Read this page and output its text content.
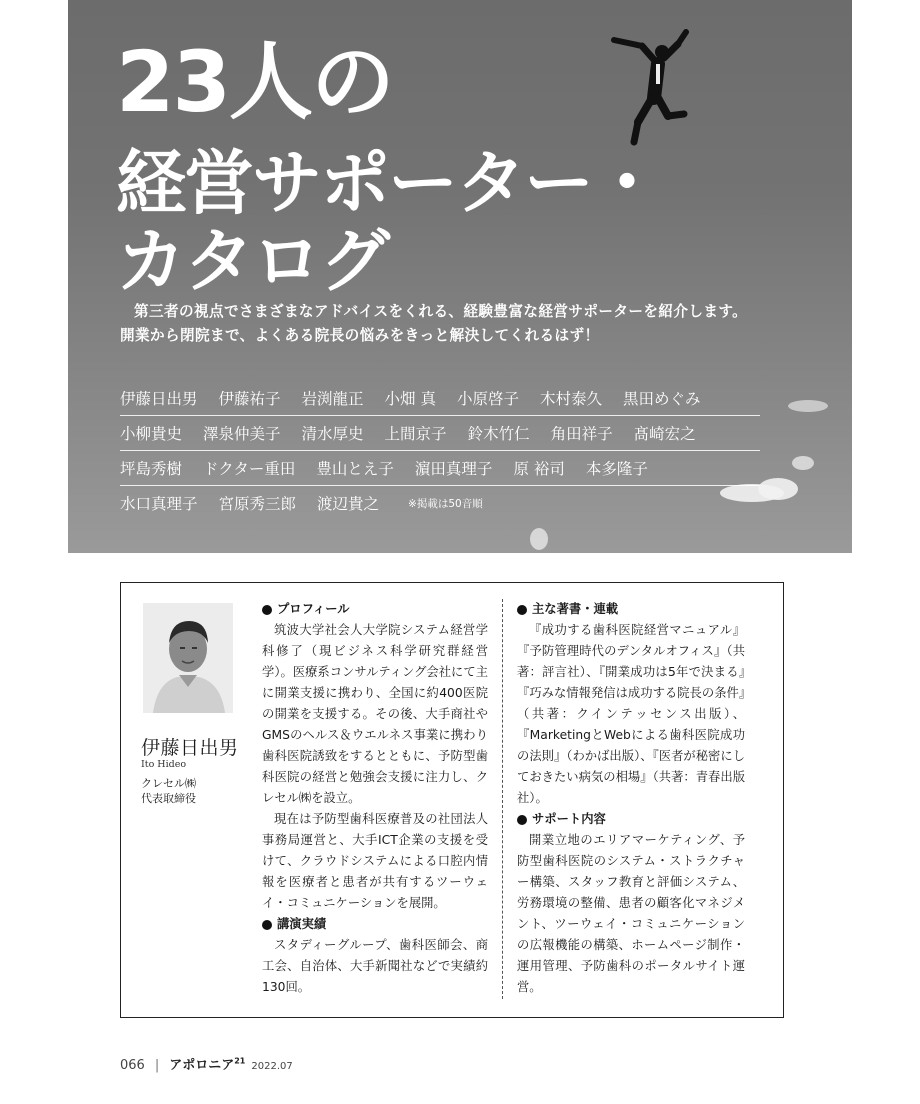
23人の
経営サポーター・
カタログ

第三者の視点でさまざまなアドバイスをくれる、経験豊富な経営サポーターを紹介します。

開業から閉院まで、よくある院長の悩みをきっと解決してくれるはず！

伊藤日出男 伊藤祐子 岩渕龍正 小畑 真 小原啓子 木村泰久 黒田めぐみ
小柳貴史 澤泉仲美子 清水厚史 上間京子 鈴木竹仁 角田祥子 髙崎宏之
坪島秀樹 ドクター重田 豊山とえ子 濵田真理子 原 裕司 本多隆子
水口真理子 宮原秀三郎 渡辺貴之	※掲載は50音順
伊藤日出男
Ito Hideo
クレセル㈱
代表取締役
プロフィール

筑波大学社会人大学院システム経営学科修了（現ビジネス科学研究群経営学）。医療系コンサルティング会社にて主に開業支援に携わり、全国に約400医院の開業を支援する。その後、大手商社やGMSのヘルス＆ウエルネス事業に携わり歯科医院誘致をするとともに、予防型歯科医院の経営と勉強会支援に注力し、クレセル㈱を設立。

現在は予防型歯科医療普及の社団法人事務局運営と、大手ICT企業の支援を受けて、クラウドシステムによる口腔内情報を医療者と患者が共有するツーウェイ・コミュニケーションを展開。

講演実績

スタディーグループ、歯科医師会、商工会、自治体、大手新聞社などで実績約130回。

主な著書・連載

『成功する歯科医院経営マニュアル』『予防管理時代のデンタルオフィス』（共著：評言社）、『開業成功は5年で決まる』『巧みな情報発信は成功する院長の条件』（共著：クインテッセンス出版）、『MarketingとWebによる歯科医院成功の法則』（わかば出版）、『医者が秘密にしておきたい病気の相場』（共著：青春出版社）。

サポート内容

開業立地のエリアマーケティング、予防型歯科医院のシステム・ストラクチャー構築、スタッフ教育と評価システム、労務環境の整備、患者の顧客化マネジメント、ツーウェイ・コミュニケーションの広報機能の構築、ホームページ制作・運用管理、予防歯科のポータルサイト運営。

066 | アポロニア$^{21}$ 2022.07
